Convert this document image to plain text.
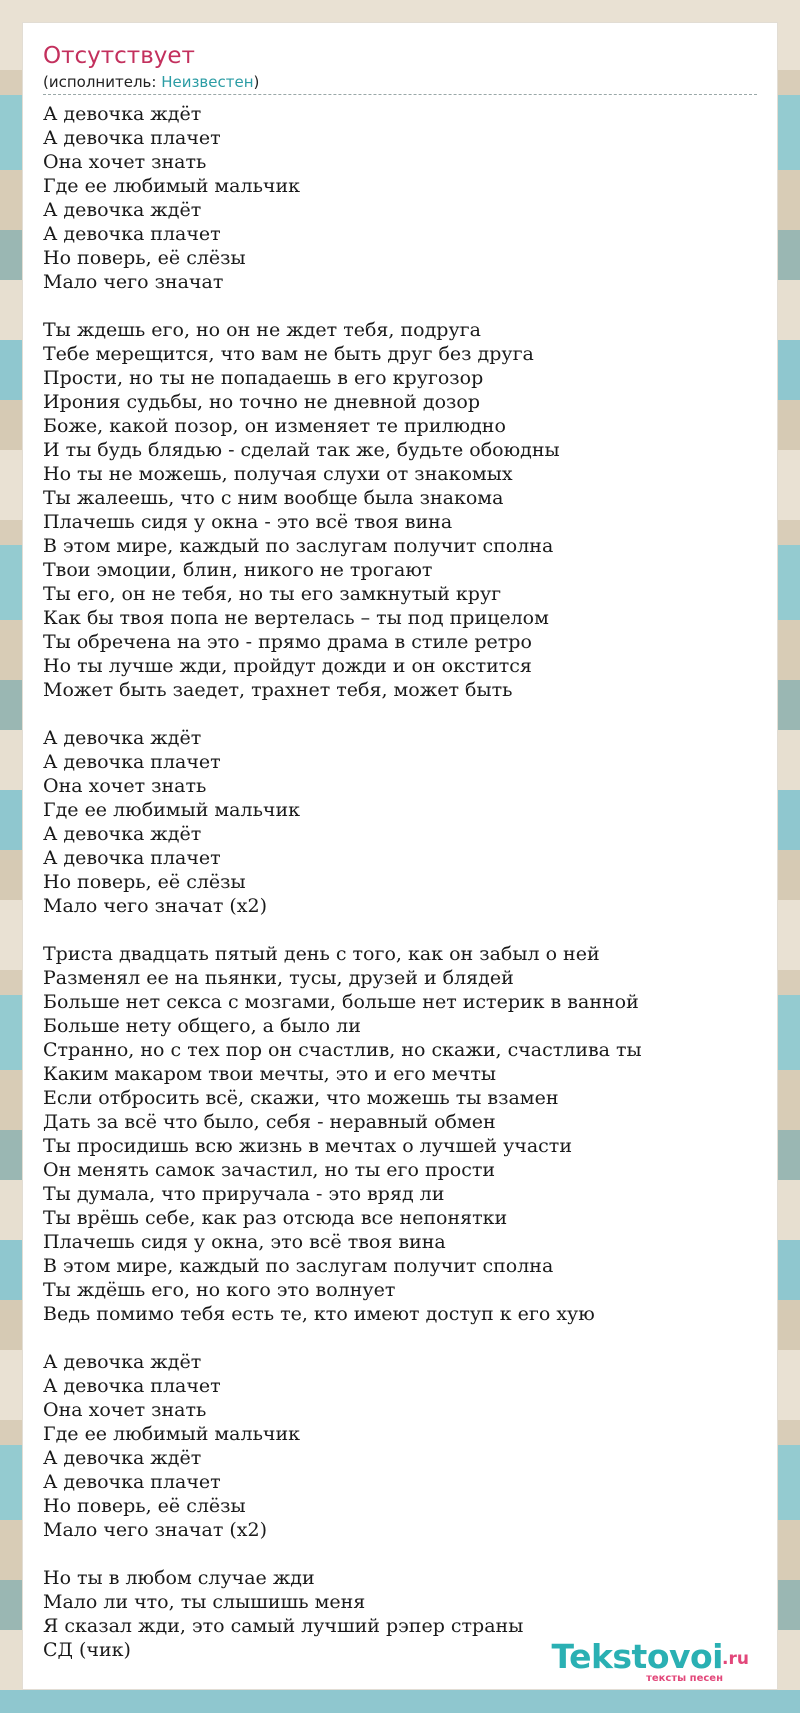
Отсутствует
(исполнитель: Неизвестен)
А девочка ждёт
А девочка плачет
Она хочет знать
Где ее любимый мальчик
А девочка ждёт
А девочка плачет
Но поверь, её слёзы
Мало чего значат
Ты ждешь его, но он не ждет тебя, подруга
Тебе мерещится, что вам не быть друг без друга
Прости, но ты не попадаешь в его кругозор
Ирония судьбы, но точно не дневной дозор
Боже, какой позор, он изменяет те прилюдно
И ты будь блядью - сделай так же, будьте обоюдны
Но ты не можешь, получая слухи от знакомых
Ты жалеешь, что с ним вообще была знакома
Плачешь сидя у окна - это всё твоя вина
В этом мире, каждый по заслугам получит сполна
Твои эмоции, блин, никого не трогают
Ты его, он не тебя, но ты его замкнутый круг
Как бы твоя попа не вертелась – ты под прицелом
Ты обречена на это - прямо драма в стиле ретро
Но ты лучше жди, пройдут дожди и он окстится
Может быть заедет, трахнет тебя, может быть
А девочка ждёт
А девочка плачет
Она хочет знать
Где ее любимый мальчик
А девочка ждёт
А девочка плачет
Но поверь, её слёзы
Мало чего значат (x2)
Триста двадцать пятый день с того, как он забыл о ней
Разменял ее на пьянки, тусы, друзей и блядей
Больше нет секса с мозгами, больше нет истерик в ванной
Больше нету общего, а было ли
Странно, но с тех пор он счастлив, но скажи, счастлива ты
Каким макаром твои мечты, это и его мечты
Если отбросить всё, скажи, что можешь ты взамен
Дать за всё что было, себя - неравный обмен
Ты просидишь всю жизнь в мечтах о лучшей участи
Он менять самок зачастил, но ты его прости
Ты думала, что приручала - это вряд ли
Ты врёшь себе, как раз отсюда все непонятки
Плачешь сидя у окна, это всё твоя вина
В этом мире, каждый по заслугам получит сполна
Ты ждёшь его, но кого это волнует
Ведь помимо тебя есть те, кто имеют доступ к его хую
А девочка ждёт
А девочка плачет
Она хочет знать
Где ее любимый мальчик
А девочка ждёт
А девочка плачет
Но поверь, её слёзы
Мало чего значат (x2)
Но ты в любом случае жди
Мало ли что, ты слышишь меня
Я сказал жди, это самый лучший рэпер страны
СД (чик)	Tekstovoi .ru
тексты песен
